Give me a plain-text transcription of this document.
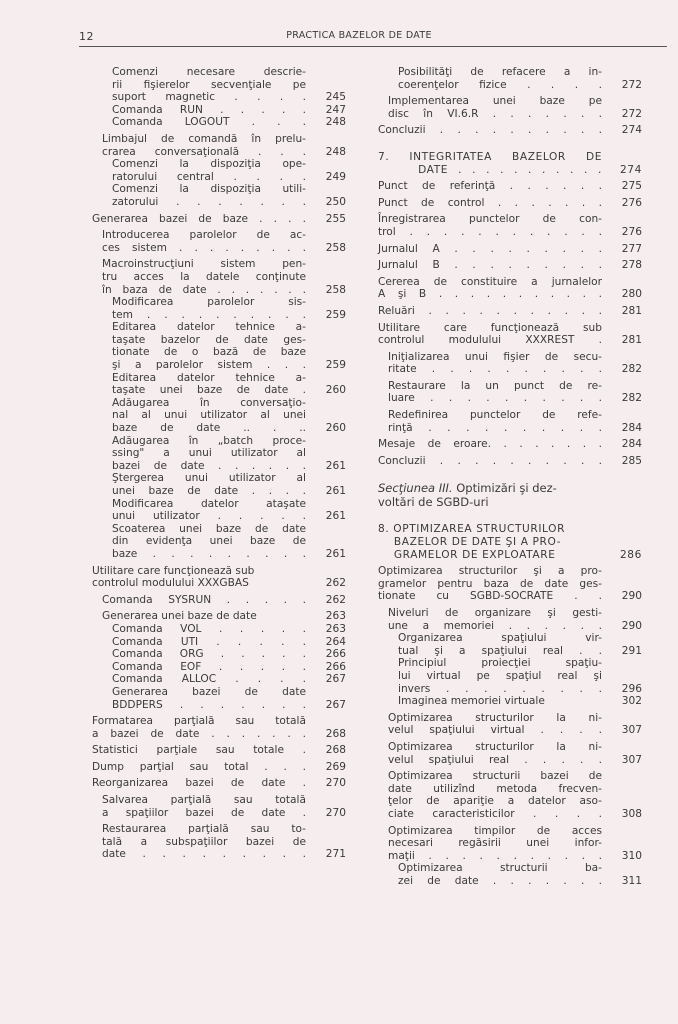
12	PRACTICA BAZELOR DE DATE
Comenzi necesare descrie-
rii fişierelor secvenţiale pe
suport magnetic . . . .	245
Comanda RUN . . . . .	247
Comanda LOGOUT . . .	248
Limbajul de comandă în prelu-
crarea conversaţională . . .	248
Comenzi la dispoziţia ope-
ratorului central . . . .	249
Comenzi la dispoziţia utili-
zatorului . . . . . . .	250
Generarea bazei de baze . . . .	255
Introducerea parolelor de ac-
ces sistem . . . . . . . . .	258
Macroinstrucţiuni sistem pen-
tru acces la datele conţinute
în baza de date . . . . . . .	258
Modificarea parolelor sis-
tem . . . . . . . . . .	259
Editarea datelor tehnice a-
taşate bazelor de date ges-
tionate de o bază de baze
şi a parolelor sistem . . .	259
Editarea datelor tehnice a-
taşate unei baze de date .	260
Adăugarea în conversaţio-
nal al unui utilizator al unei
baze de date .. . ..	260
Adăugarea în „batch proce-
ssing" a unui utilizator al
bazei de date . . . . . .	261
Ştergerea unui utilizator al
unei baze de date . . . .	261
Modificarea datelor ataşate
unui utilizator . . . . .	261
Scoaterea unei baze de date
din evidenţa unei baze de
baze . . . . . . . . .	261
Utilitare care funcţionează sub
controlul modulului XXXGBAS	262
Comanda SYSRUN . . . . .	262
Generarea unei baze de date	263
Comanda VOL . . . . .	263
Comanda UTI . . . . .	264
Comanda ORG . . . . .	266
Comanda EOF . . . . .	266
Comanda ALLOC . . . .	267
Generarea bazei de date
BDDPERS . . . . . . .	267
Formatarea parţială sau totală
a bazei de date . . . . . . .	268
Statistici parţiale sau totale .	268
Dump parţial sau total . . .	269
Reorganizarea bazei de date .	270
Salvarea parţială sau totală
a spaţiilor bazei de date .	270
Restaurarea parţială sau to-
tală a subspaţiilor bazei de
date . . . . . . . . .	271
Posibilităţi de refacere a in-
coerenţelor fizice . . . .	272
Implementarea unei baze pe
disc în VI.6.R . . . . . . .	272
Concluzii . . . . . . . . . .	274
7. INTEGRITATEA BAZELOR DE
DATE . . . . . . . . . . .	274
Punct de referinţă . . . . . .	275
Punct de control . . . . . . .	276
Înregistrarea punctelor de con-
trol . . . . . . . . . . . .	276
Jurnalul A . . . . . . . . .	277
Jurnalul B . . . . . . . . .	278
Cererea de constituire a jurnalelor
A şi B . . . . . . . . . . .	280
Reluări . . . . . . . . . . .	281
Utilitare care funcţionează sub
controlul modulului XXXREST .	281
Iniţializarea unui fişier de secu-
ritate . . . . . . . . . .	282
Restaurare la un punct de re-
luare . . . . . . . . . .	282
Redefinirea punctelor de refe-
rinţă . . . . . . . . . .	284
Mesaje de eroare. . . . . . . .	284
Concluzii . . . . . . . . . .	285
Secţiunea III. Optimizări şi dez-
voltări de SGBD-uri
8. OPTIMIZAREA STRUCTURILOR
BAZELOR DE DATE ŞI A PRO-
GRAMELOR DE EXPLOATARE	286
Optimizarea structurilor şi a pro-
gramelor pentru baza de date ges-
tionate cu SGBD-SOCRATE . .	290
Niveluri de organizare şi gesti-
une a memoriei . . . . . .	290
Organizarea spaţiului vir-
tual şi a spaţiului real . .	291
Principiul proiecţiei spaţiu-
lui virtual pe spaţiul real şi
invers . . . . . . . . .	296
Imaginea memoriei virtuale	302
Optimizarea structurilor la ni-
velul spaţiului virtual . . . .	307
Optimizarea structurilor la ni-
velul spaţiului real . . . . .	307
Optimizarea structurii bazei de
date utilizînd metoda frecven-
ţelor de apariţie a datelor aso-
ciate caracteristicilor . . . .	308
Optimizarea timpilor de acces
necesari regăsirii unei infor-
maţii . . . . . . . . . . .	310
Optimizarea structurii ba-
zei de date . . . . . . .	311
